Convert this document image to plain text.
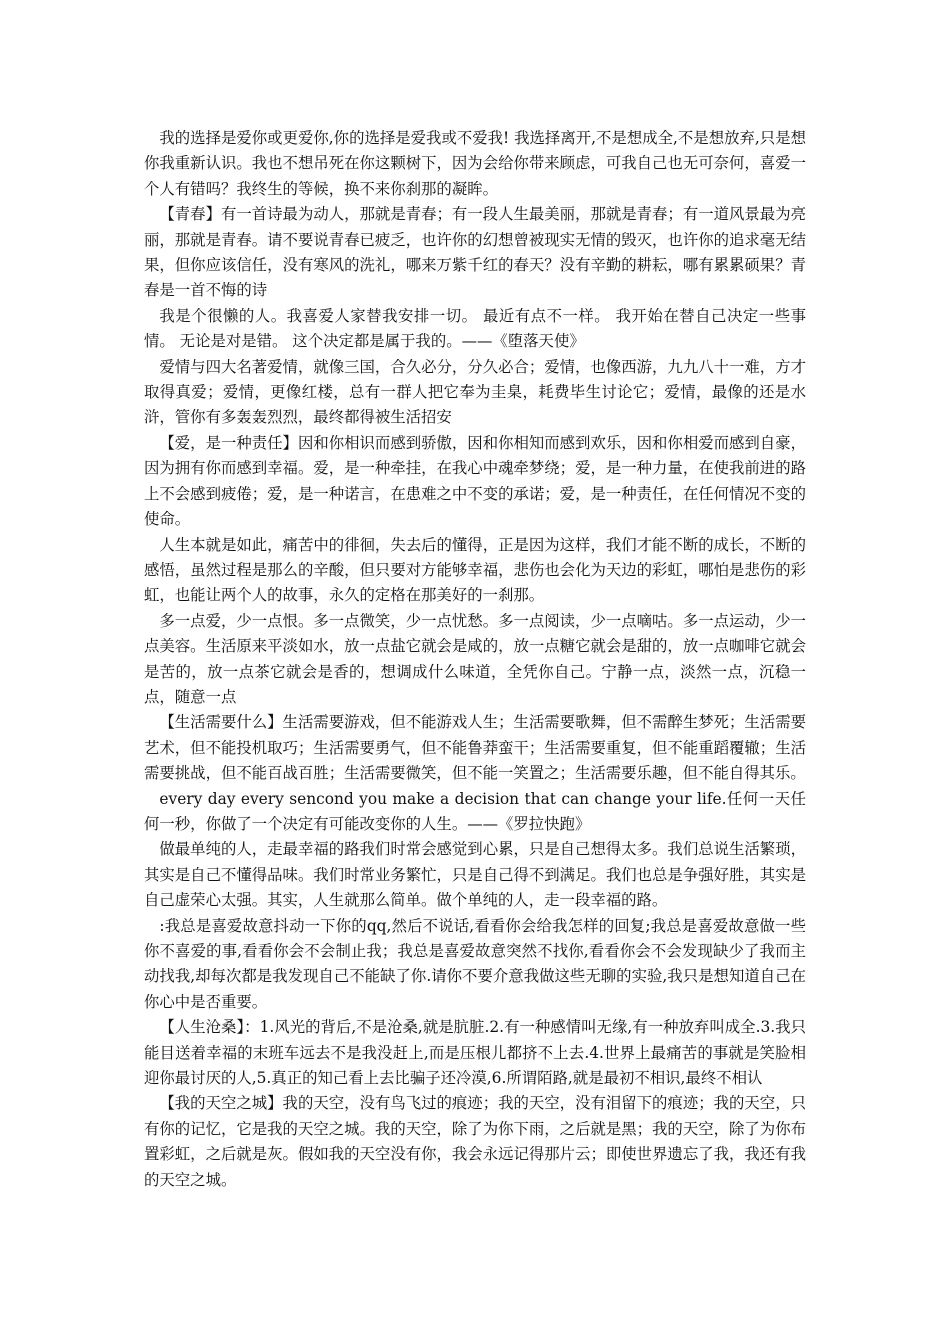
我的选择是爱你或更爱你,你的选择是爱我或不爱我! 我选择离开,不是想成全,不是想放弃,只是想你我重新认识。我也不想吊死在你这颗树下，因为会给你带来顾虑，可我自己也无可奈何，喜爱一个人有错吗？我终生的等候，换不来你刹那的凝眸。

【青春】有一首诗最为动人，那就是青春；有一段人生最美丽，那就是青春；有一道风景最为亮丽，那就是青春。请不要说青春已疲乏，也许你的幻想曾被现实无情的毁灭，也许你的追求毫无结果，但你应该信任，没有寒风的洗礼，哪来万紫千红的春天？没有辛勤的耕耘，哪有累累硕果？青春是一首不悔的诗

我是个很懒的人。我喜爱人家替我安排一切。 最近有点不一样。 我开始在替自己决定一些事情。 无论是对是错。 这个决定都是属于我的。——《堕落天使》

爱情与四大名著爱情，就像三国，合久必分，分久必合；爱情，也像西游，九九八十一难，方才取得真爱；爱情，更像红楼，总有一群人把它奉为圭臬，耗费毕生讨论它；爱情，最像的还是水浒，管你有多轰轰烈烈，最终都得被生活招安

【爱，是一种责任】因和你相识而感到骄傲，因和你相知而感到欢乐，因和你相爱而感到自豪，因为拥有你而感到幸福。爱，是一种牵挂，在我心中魂牵梦绕；爱，是一种力量，在使我前进的路上不会感到疲倦；爱，是一种诺言，在患难之中不变的承诺；爱，是一种责任，在任何情况不变的使命。

人生本就是如此，痛苦中的徘徊，失去后的懂得，正是因为这样，我们才能不断的成长，不断的感悟，虽然过程是那么的辛酸，但只要对方能够幸福，悲伤也会化为天边的彩虹，哪怕是悲伤的彩虹，也能让两个人的故事，永久的定格在那美好的一刹那。

多一点爱，少一点恨。多一点微笑，少一点忧愁。多一点阅读，少一点嘀咕。多一点运动，少一点美容。生活原来平淡如水，放一点盐它就会是咸的，放一点糖它就会是甜的，放一点咖啡它就会是苦的，放一点茶它就会是香的，想调成什么味道，全凭你自己。宁静一点，淡然一点，沉稳一点，随意一点

【生活需要什么】生活需要游戏，但不能游戏人生；生活需要歌舞，但不需醉生梦死；生活需要艺术，但不能投机取巧；生活需要勇气，但不能鲁莽蛮干；生活需要重复，但不能重蹈覆辙；生活需要挑战，但不能百战百胜；生活需要微笑，但不能一笑置之；生活需要乐趣，但不能自得其乐。

every day every sencond you make a decision that can change your life.任何一天任何一秒，你做了一个决定有可能改变你的人生。——《罗拉快跑》

做最单纯的人，走最幸福的路我们时常会感觉到心累，只是自己想得太多。我们总说生活繁琐，其实是自己不懂得品味。我们时常业务繁忙，只是自己得不到满足。我们也总是争强好胜，其实是自己虚荣心太强。其实，人生就那么简单。做个单纯的人，走一段幸福的路。

:我总是喜爱故意抖动一下你的qq,然后不说话,看看你会给我怎样的回复;我总是喜爱故意做一些你不喜爱的事,看看你会不会制止我；我总是喜爱故意突然不找你,看看你会不会发现缺少了我而主动找我,却每次都是我发现自己不能缺了你.请你不要介意我做这些无聊的实验,我只是想知道自己在你心中是否重要。

【人生沧桑】：1.风光的背后,不是沧桑,就是肮脏.2.有一种感情叫无缘,有一种放弃叫成全.3.我只能目送着幸福的末班车远去不是我没赶上,而是压根儿都挤不上去.4.世界上最痛苦的事就是笑脸相迎你最讨厌的人,5.真正的知己看上去比骗子还冷漠,6.所谓陌路,就是最初不相识,最终不相认

【我的天空之城】我的天空，没有鸟飞过的痕迹；我的天空，没有泪留下的痕迹；我的天空，只有你的记忆，它是我的天空之城。我的天空，除了为你下雨，之后就是黑；我的天空，除了为你布置彩虹，之后就是灰。假如我的天空没有你，我会永远记得那片云；即使世界遗忘了我，我还有我的天空之城。
